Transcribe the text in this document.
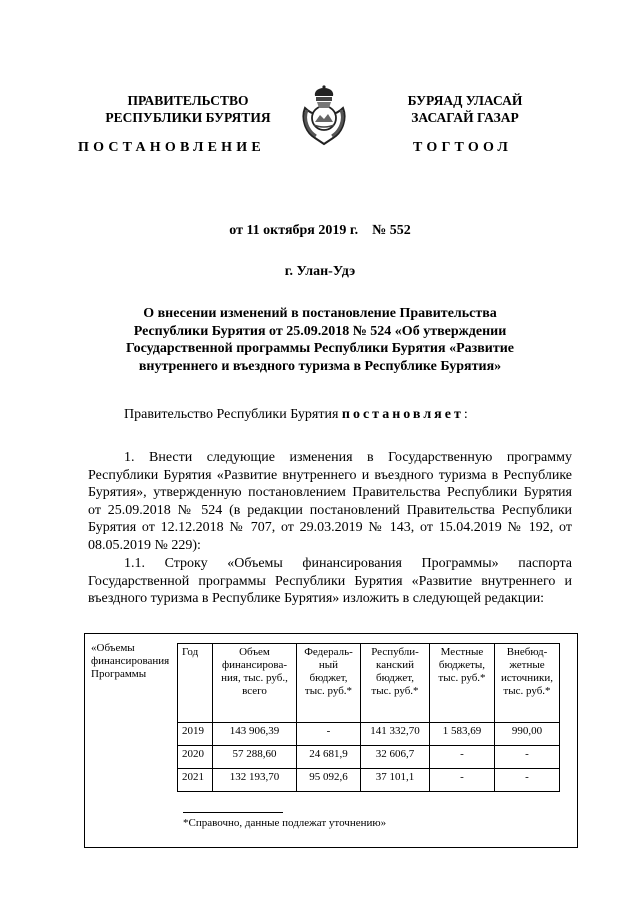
ПРАВИТЕЛЬСТВО
РЕСПУБЛИКИ БУРЯТИЯ
БУРЯАД УЛАСАЙ
ЗАСАГАЙ ГАЗАР
ПОСТАНОВЛЕНИЕ	ТОГТООЛ
от 11 октября 2019 г.    № 552
г. Улан-Удэ
О внесении изменений в постановление Правительства
Республики Бурятия от 25.09.2018 № 524 «Об утверждении
Государственной программы Республики Бурятия «Развитие
внутреннего и въездного туризма в Республике Бурятия»
Правительство Республики Бурятия постановляет:
1. Внести следующие изменения в Государственную программу Республики Бурятия «Развитие внутреннего и въездного туризма в Республике Бурятия», утвержденную постановлением Правительства Республики Бурятия от 25.09.2018 № 524 (в редакции постановлений Правительства Республики Бурятия от 12.12.2018 № 707, от 29.03.2019 № 143, от 15.04.2019 № 192, от 08.05.2019 № 229):
1.1. Строку «Объемы финансирования Программы» паспорта Государственной программы Республики Бурятия «Развитие внутреннего и въездного туризма в Республике Бурятия» изложить в следующей редакции:
«Объемы финансирования Программы
Год	Объем финансирова-ния, тыс. руб., всего	Федераль-ный бюджет, тыс. руб.*	Республи-канский бюджет, тыс. руб.*	Местные бюджеты, тыс. руб.*	Внебюд-жетные источники, тыс. руб.*
2019	143 906,39	-	141 332,70	1 583,69	990,00
2020	57 288,60	24 681,9	32 606,7	-	-
2021	132 193,70	95 092,6	37 101,1	-	-
*Справочно, данные подлежат уточнению»
